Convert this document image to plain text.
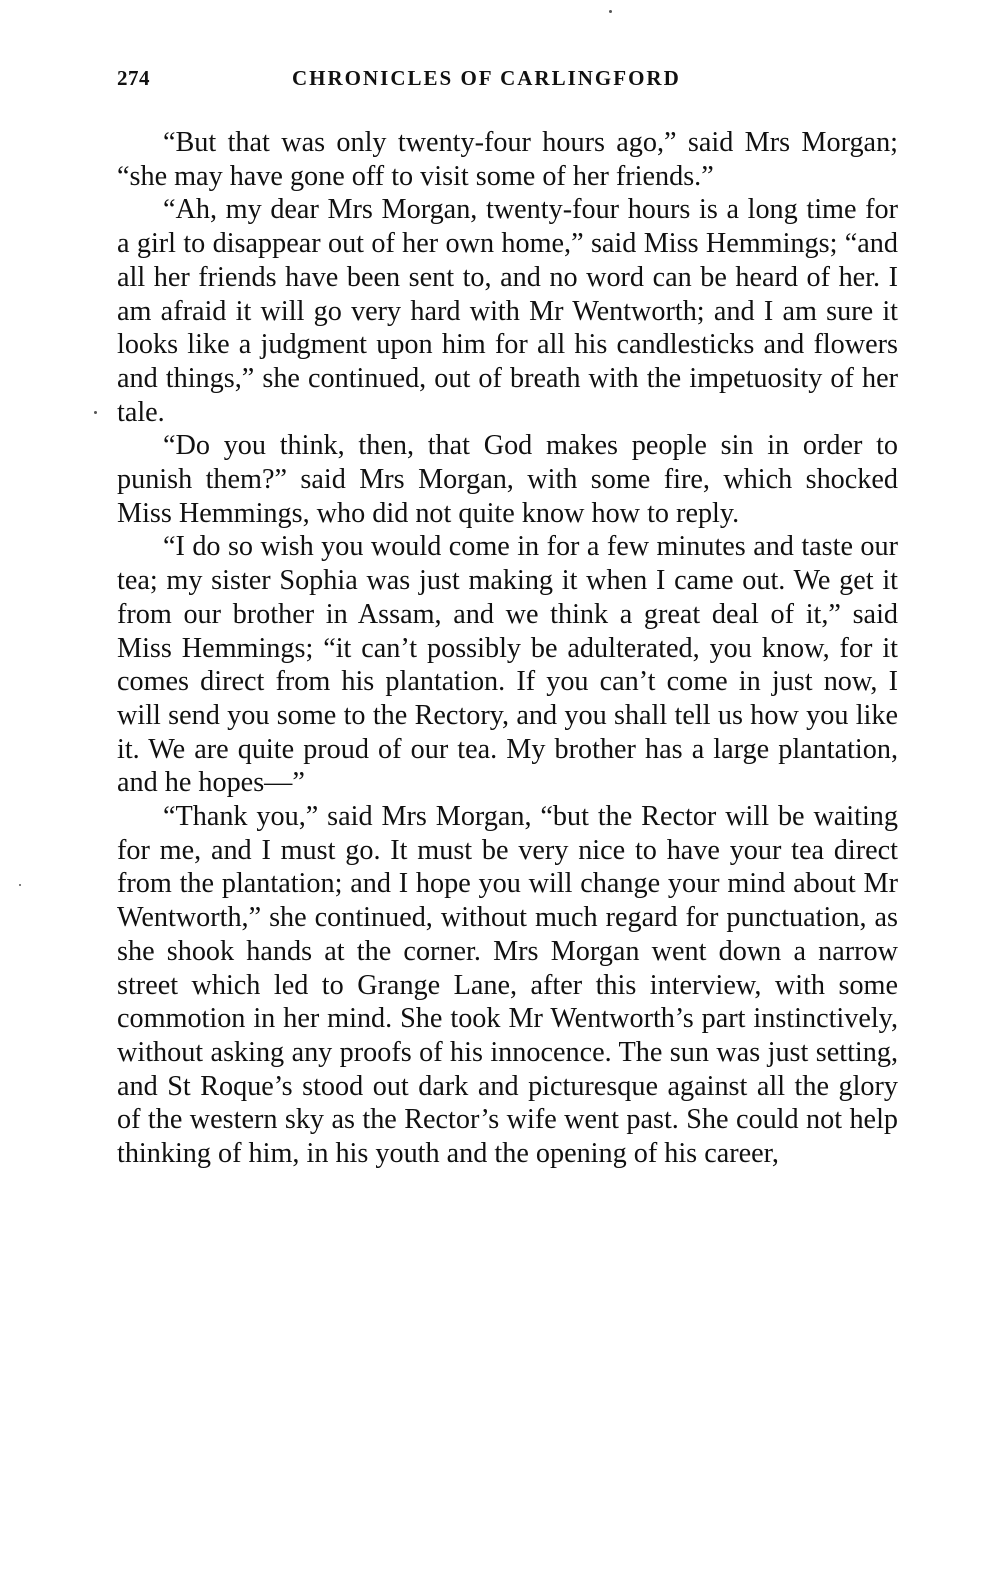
274	CHRONICLES OF CARLINGFORD

“But that was only twenty-four hours ago,” said Mrs Morgan; “she may have gone off to visit some of her friends.”

“Ah, my dear Mrs Morgan, twenty-four hours is a long time for a girl to disappear out of her own home,” said Miss Hemmings; “and all her friends have been sent to, and no word can be heard of her. I am afraid it will go very hard with Mr Wentworth; and I am sure it looks like a judgment upon him for all his candlesticks and flowers and things,” she continued, out of breath with the impetuosity of her tale.

“Do you think, then, that God makes people sin in order to punish them?” said Mrs Morgan, with some fire, which shocked Miss Hemmings, who did not quite know how to reply.

“I do so wish you would come in for a few minutes and taste our tea; my sister Sophia was just making it when I came out. We get it from our brother in Assam, and we think a great deal of it,” said Miss Hemmings; “it can’t possibly be adulterated, you know, for it comes direct from his plantation. If you can’t come in just now, I will send you some to the Rectory, and you shall tell us how you like it. We are quite proud of our tea. My brother has a large plantation, and he hopes—”

“Thank you,” said Mrs Morgan, “but the Rector will be waiting for me, and I must go. It must be very nice to have your tea direct from the plantation; and I hope you will change your mind about Mr Wentworth,” she continued, without much regard for punctuation, as she shook hands at the corner. Mrs Morgan went down a narrow street which led to Grange Lane, after this interview, with some commotion in her mind. She took Mr Wentworth’s part instinctively, without asking any proofs of his innocence. The sun was just setting, and St Roque’s stood out dark and picturesque against all the glory of the western sky as the Rector’s wife went past. She could not help thinking of him, in his youth and the opening of his career,
